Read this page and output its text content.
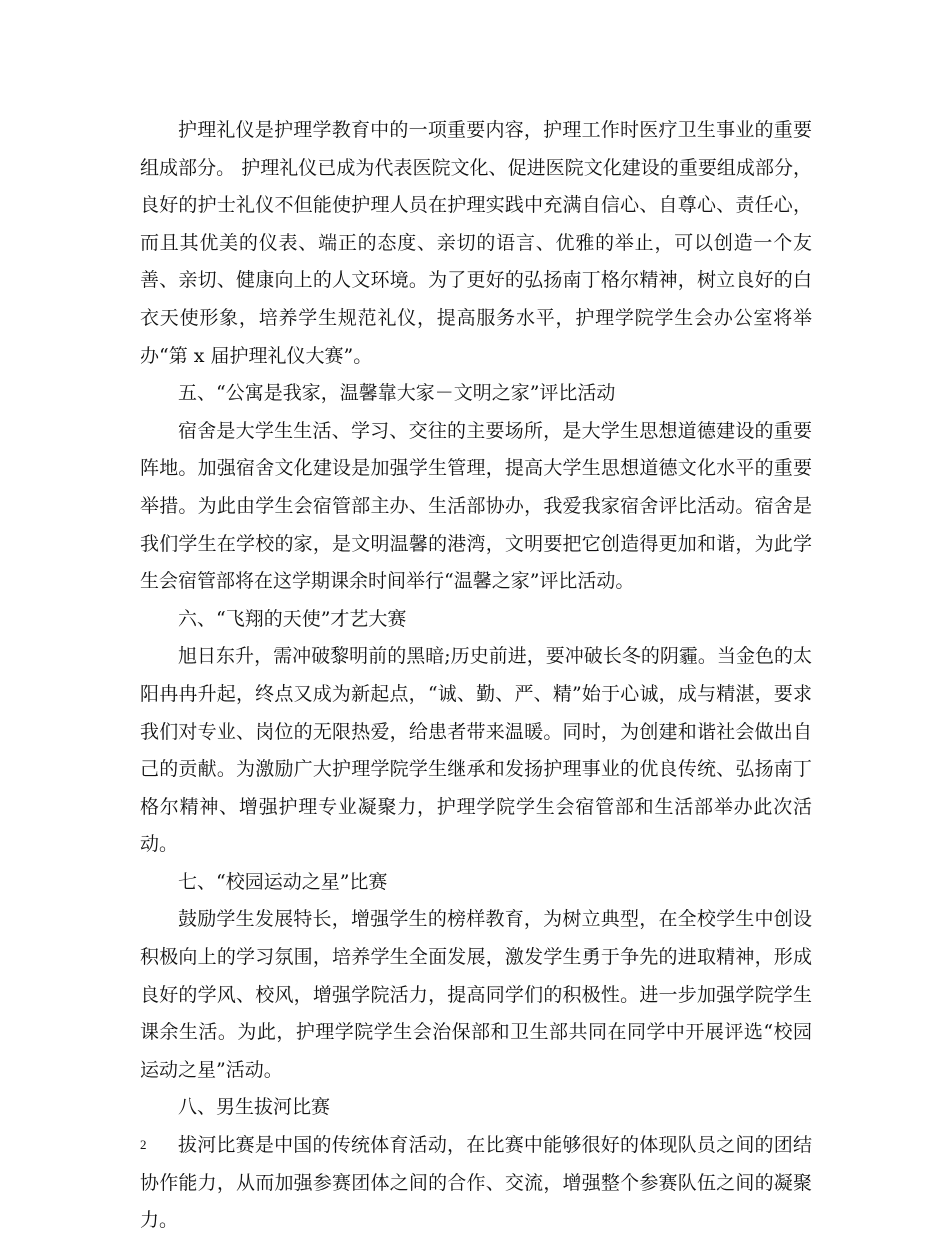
护理礼仪是护理学教育中的一项重要内容，护理工作时医疗卫生事业的重要组成部分。 护理礼仪已成为代表医院文化、促进医院文化建设的重要组成部分，良好的护士礼仪不但能使护理人员在护理实践中充满自信心、自尊心、责任心，而且其优美的仪表、端正的态度、亲切的语言、优雅的举止，可以创造一个友善、亲切、健康向上的人文环境。为了更好的弘扬南丁格尔精神，树立良好的白衣天使形象，培养学生规范礼仪，提高服务水平，护理学院学生会办公室将举办“第 x 届护理礼仪大赛”。

五、“公寓是我家，温馨靠大家－文明之家”评比活动

宿舍是大学生生活、学习、交往的主要场所，是大学生思想道德建设的重要阵地。加强宿舍文化建设是加强学生管理，提高大学生思想道德文化水平的重要举措。为此由学生会宿管部主办、生活部协办，我爱我家宿舍评比活动。宿舍是我们学生在学校的家，是文明温馨的港湾，文明要把它创造得更加和谐，为此学生会宿管部将在这学期课余时间举行“温馨之家”评比活动。

六、“飞翔的天使”才艺大赛

旭日东升，需冲破黎明前的黑暗;历史前进，要冲破长冬的阴霾。当金色的太阳冉冉升起，终点又成为新起点，“诚、勤、严、精”始于心诚，成与精湛，要求我们对专业、岗位的无限热爱，给患者带来温暖。同时，为创建和谐社会做出自己的贡献。为激励广大护理学院学生继承和发扬护理事业的优良传统、弘扬南丁格尔精神、增强护理专业凝聚力，护理学院学生会宿管部和生活部举办此次活动。

七、“校园运动之星”比赛

鼓励学生发展特长，增强学生的榜样教育，为树立典型，在全校学生中创设积极向上的学习氛围，培养学生全面发展，激发学生勇于争先的进取精神，形成良好的学风、校风，增强学院活力，提高同学们的积极性。进一步加强学院学生课余生活。为此，护理学院学生会治保部和卫生部共同在同学中开展评选“校园运动之星”活动。

八、男生拔河比赛

拔河比赛是中国的传统体育活动，在比赛中能够很好的体现队员之间的团结协作能力，从而加强参赛团体之间的合作、交流，增强整个参赛队伍之间的凝聚力。

2
